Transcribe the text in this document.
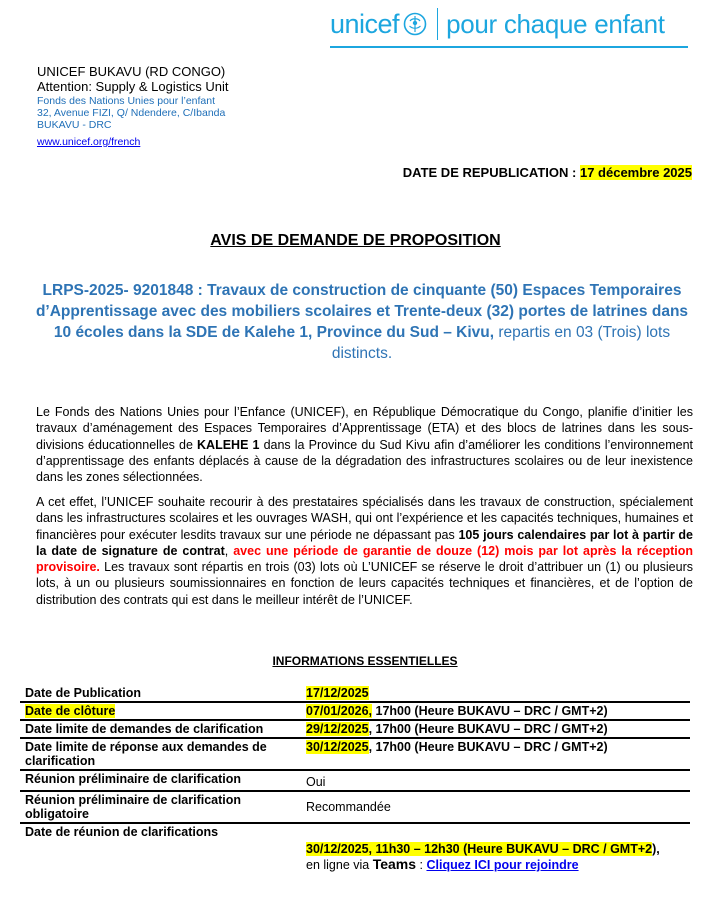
unicef pour chaque enfant
UNICEF BUKAVU (RD CONGO)
Attention: Supply & Logistics Unit
Fonds des Nations Unies pour l’enfant
32, Avenue FIZI, Q/ Ndendere, C/Ibanda
BUKAVU - DRC
www.unicef.org/french
DATE DE REPUBLICATION : 17 décembre 2025
AVIS DE DEMANDE DE PROPOSITION
LRPS-2025- 9201848 : Travaux de construction de cinquante (50) Espaces Temporaires d’Apprentissage avec des mobiliers scolaires et Trente-deux (32) portes de latrines dans 10 écoles dans la SDE de Kalehe 1, Province du Sud – Kivu, repartis en 03 (Trois) lots distincts.
Le Fonds des Nations Unies pour l’Enfance (UNICEF), en République Démocratique du Congo, planifie d’initier les travaux d’aménagement des Espaces Temporaires d’Apprentissage (ETA) et des blocs de latrines dans les sous-divisions éducationnelles de KALEHE 1 dans la Province du Sud Kivu afin d’améliorer les conditions l’environnement d’apprentissage des enfants déplacés à cause de la dégradation des infrastructures scolaires ou de leur inexistence dans les zones sélectionnées.
A cet effet, l’UNICEF souhaite recourir à des prestataires spécialisés dans les travaux de construction, spécialement dans les infrastructures scolaires et les ouvrages WASH, qui ont l’expérience et les capacités techniques, humaines et financières pour exécuter lesdits travaux sur une période ne dépassant pas 105 jours calendaires par lot à partir de la date de signature de contrat, avec une période de garantie de douze (12) mois par lot après la réception provisoire. Les travaux sont répartis en trois (03) lots où L’UNICEF se réserve le droit d’attribuer un (1) ou plusieurs lots, à un ou plusieurs soumissionnaires en fonction de leurs capacités techniques et financières, et de l’option de distribution des contrats qui est dans le meilleur intérêt de l’UNICEF.
INFORMATIONS ESSENTIELLES
Date de Publication	17/12/2025
Date de clôture	07/01/2026, 17h00 (Heure BUKAVU – DRC / GMT+2)
Date limite de demandes de clarification	29/12/2025, 17h00 (Heure BUKAVU – DRC / GMT+2)
Date limite de réponse aux demandes de clarification	30/12/2025, 17h00 (Heure BUKAVU – DRC / GMT+2)
Réunion préliminaire de clarification	Oui
Réunion préliminaire de clarification obligatoire	Recommandée
Date de réunion de clarifications	30/12/2025, 11h30 – 12h30 (Heure BUKAVU – DRC / GMT+2),
en ligne via Teams : Cliquez ICI pour rejoindre
